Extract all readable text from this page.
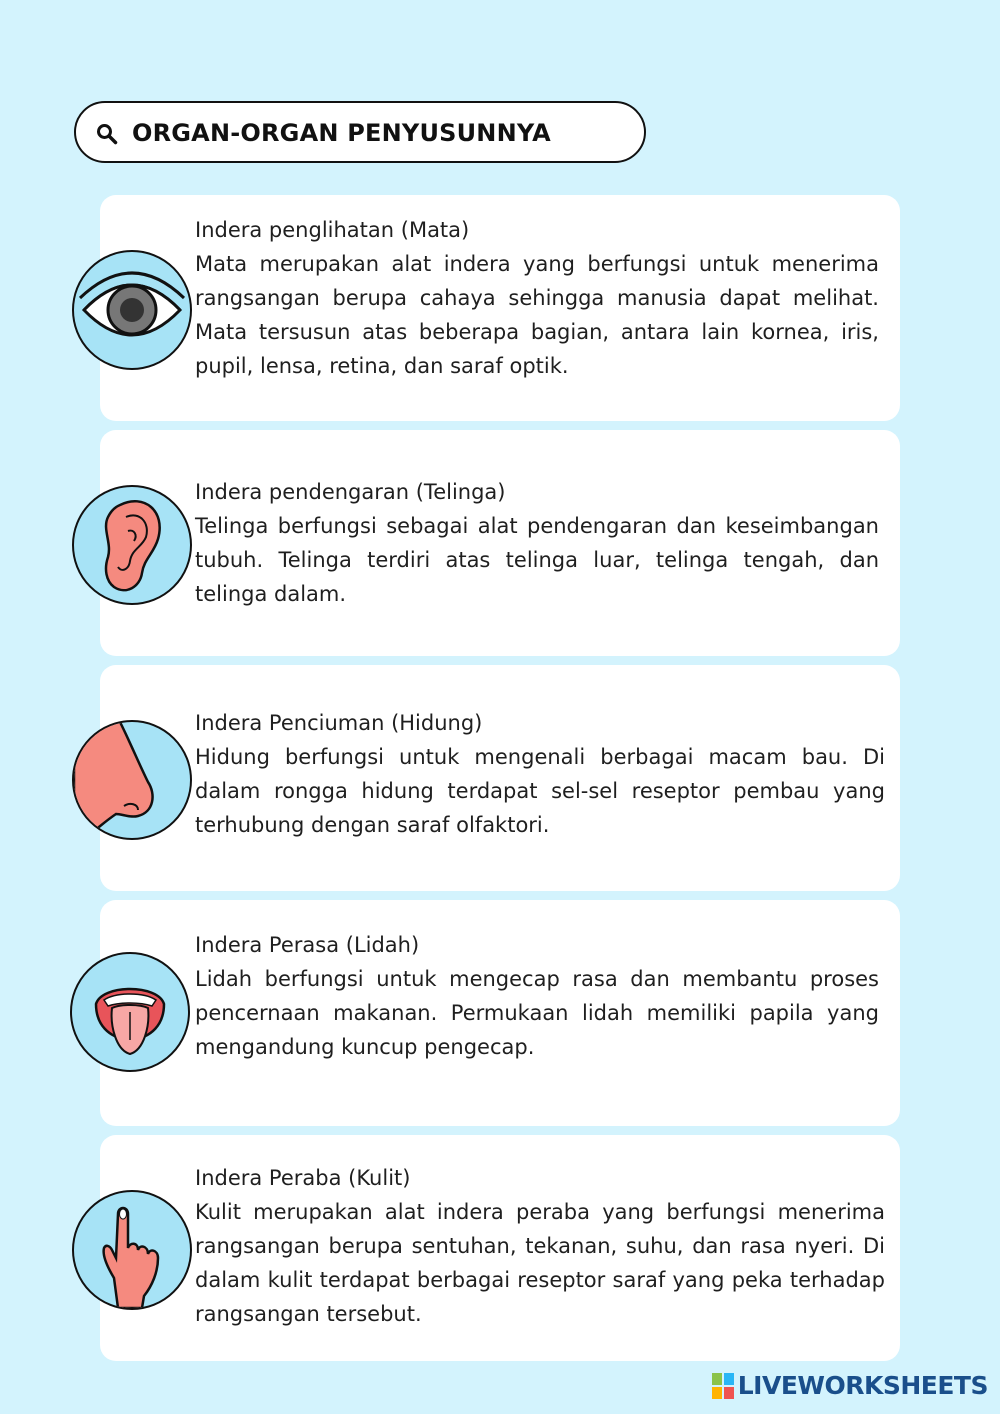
ORGAN-ORGAN PENYUSUNNYA
Indera penglihatan (Mata)
Mata merupakan alat indera yang berfungsi untuk menerima rangsangan berupa cahaya sehingga manusia dapat melihat. Mata tersusun atas beberapa bagian, antara lain kornea, iris, pupil, lensa, retina, dan saraf optik.
Indera pendengaran (Telinga)
Telinga berfungsi sebagai alat pendengaran dan keseimbangan tubuh. Telinga terdiri atas telinga luar, telinga tengah, dan telinga dalam.
Indera Penciuman (Hidung)
Hidung berfungsi untuk mengenali berbagai macam bau. Di dalam rongga hidung terdapat sel-sel reseptor pembau yang terhubung dengan saraf olfaktori.
Indera Perasa (Lidah)
Lidah berfungsi untuk mengecap rasa dan membantu proses pencernaan makanan. Permukaan lidah memiliki papila yang mengandung kuncup pengecap.
Indera Peraba (Kulit)
Kulit merupakan alat indera peraba yang berfungsi menerima rangsangan berupa sentuhan, tekanan, suhu, dan rasa nyeri. Di dalam kulit terdapat berbagai reseptor saraf yang peka terhadap rangsangan tersebut.
LIVEWORKSHEETS
